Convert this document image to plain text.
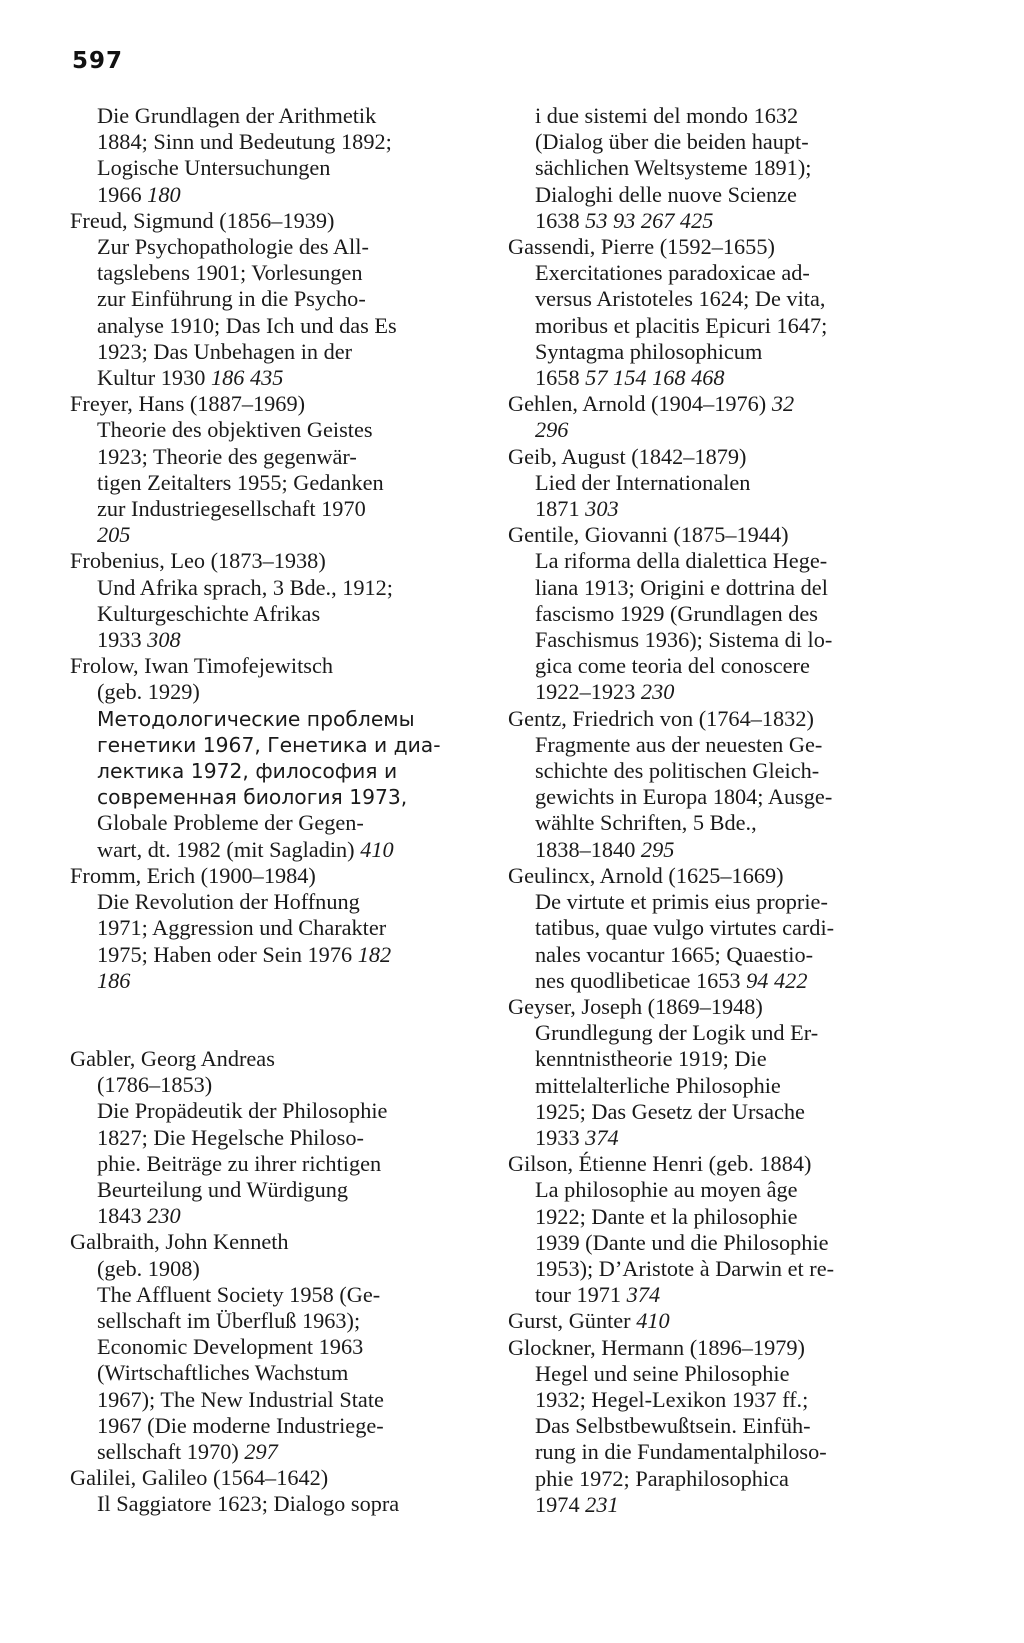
597
Die Grundlagen der Arithmetik
1884; Sinn und Bedeutung 1892;
Logische Untersuchungen
1966 180
Freud, Sigmund (1856–1939)
Zur Psychopathologie des All-
tagslebens 1901; Vorlesungen
zur Einführung in die Psycho-
analyse 1910; Das Ich und das Es
1923; Das Unbehagen in der
Kultur 1930 186 435
Freyer, Hans (1887–1969)
Theorie des objektiven Geistes
1923; Theorie des gegenwär-
tigen Zeitalters 1955; Gedanken
zur Industriegesellschaft 1970
205
Frobenius, Leo (1873–1938)
Und Afrika sprach, 3 Bde., 1912;
Kulturgeschichte Afrikas
1933 308
Frolow, Iwan Timofejewitsch
(geb. 1929)
Методологические проблемы
генетики 1967, Генетика и диа-
лектика 1972, философия и
современная биология 1973,
Globale Probleme der Gegen-
wart, dt. 1982 (mit Sagladin) 410
Fromm, Erich (1900–1984)
Die Revolution der Hoffnung
1971; Aggression und Charakter
1975; Haben oder Sein 1976 182
186
Gabler, Georg Andreas
(1786–1853)
Die Propädeutik der Philosophie
1827; Die Hegelsche Philoso-
phie. Beiträge zu ihrer richtigen
Beurteilung und Würdigung
1843 230
Galbraith, John Kenneth
(geb. 1908)
The Affluent Society 1958 (Ge-
sellschaft im Überfluß 1963);
Economic Development 1963
(Wirtschaftliches Wachstum
1967); The New Industrial State
1967 (Die moderne Industriege-
sellschaft 1970) 297
Galilei, Galileo (1564–1642)
Il Saggiatore 1623; Dialogo sopra
i due sistemi del mondo 1632
(Dialog über die beiden haupt-
sächlichen Weltsysteme 1891);
Dialoghi delle nuove Scienze
1638 53 93 267 425
Gassendi, Pierre (1592–1655)
Exercitationes paradoxicae ad-
versus Aristoteles 1624; De vita,
moribus et placitis Epicuri 1647;
Syntagma philosophicum
1658 57 154 168 468
Gehlen, Arnold (1904–1976) 32
296
Geib, August (1842–1879)
Lied der Internationalen
1871 303
Gentile, Giovanni (1875–1944)
La riforma della dialettica Hege-
liana 1913; Origini e dottrina del
fascismo 1929 (Grundlagen des
Faschismus 1936); Sistema di lo-
gica come teoria del conoscere
1922–1923 230
Gentz, Friedrich von (1764–1832)
Fragmente aus der neuesten Ge-
schichte des politischen Gleich-
gewichts in Europa 1804; Ausge-
wählte Schriften, 5 Bde.,
1838–1840 295
Geulincx, Arnold (1625–1669)
De virtute et primis eius proprie-
tatibus, quae vulgo virtutes cardi-
nales vocantur 1665; Quaestio-
nes quodlibeticae 1653 94 422
Geyser, Joseph (1869–1948)
Grundlegung der Logik und Er-
kenntnistheorie 1919; Die
mittelalterliche Philosophie
1925; Das Gesetz der Ursache
1933 374
Gilson, Étienne Henri (geb. 1884)
La philosophie au moyen âge
1922; Dante et la philosophie
1939 (Dante und die Philosophie
1953); D’Aristote à Darwin et re-
tour 1971 374
Gurst, Günter 410
Glockner, Hermann (1896–1979)
Hegel und seine Philosophie
1932; Hegel-Lexikon 1937 ff.;
Das Selbstbewußtsein. Einfüh-
rung in die Fundamentalphiloso-
phie 1972; Paraphilosophica
1974 231
